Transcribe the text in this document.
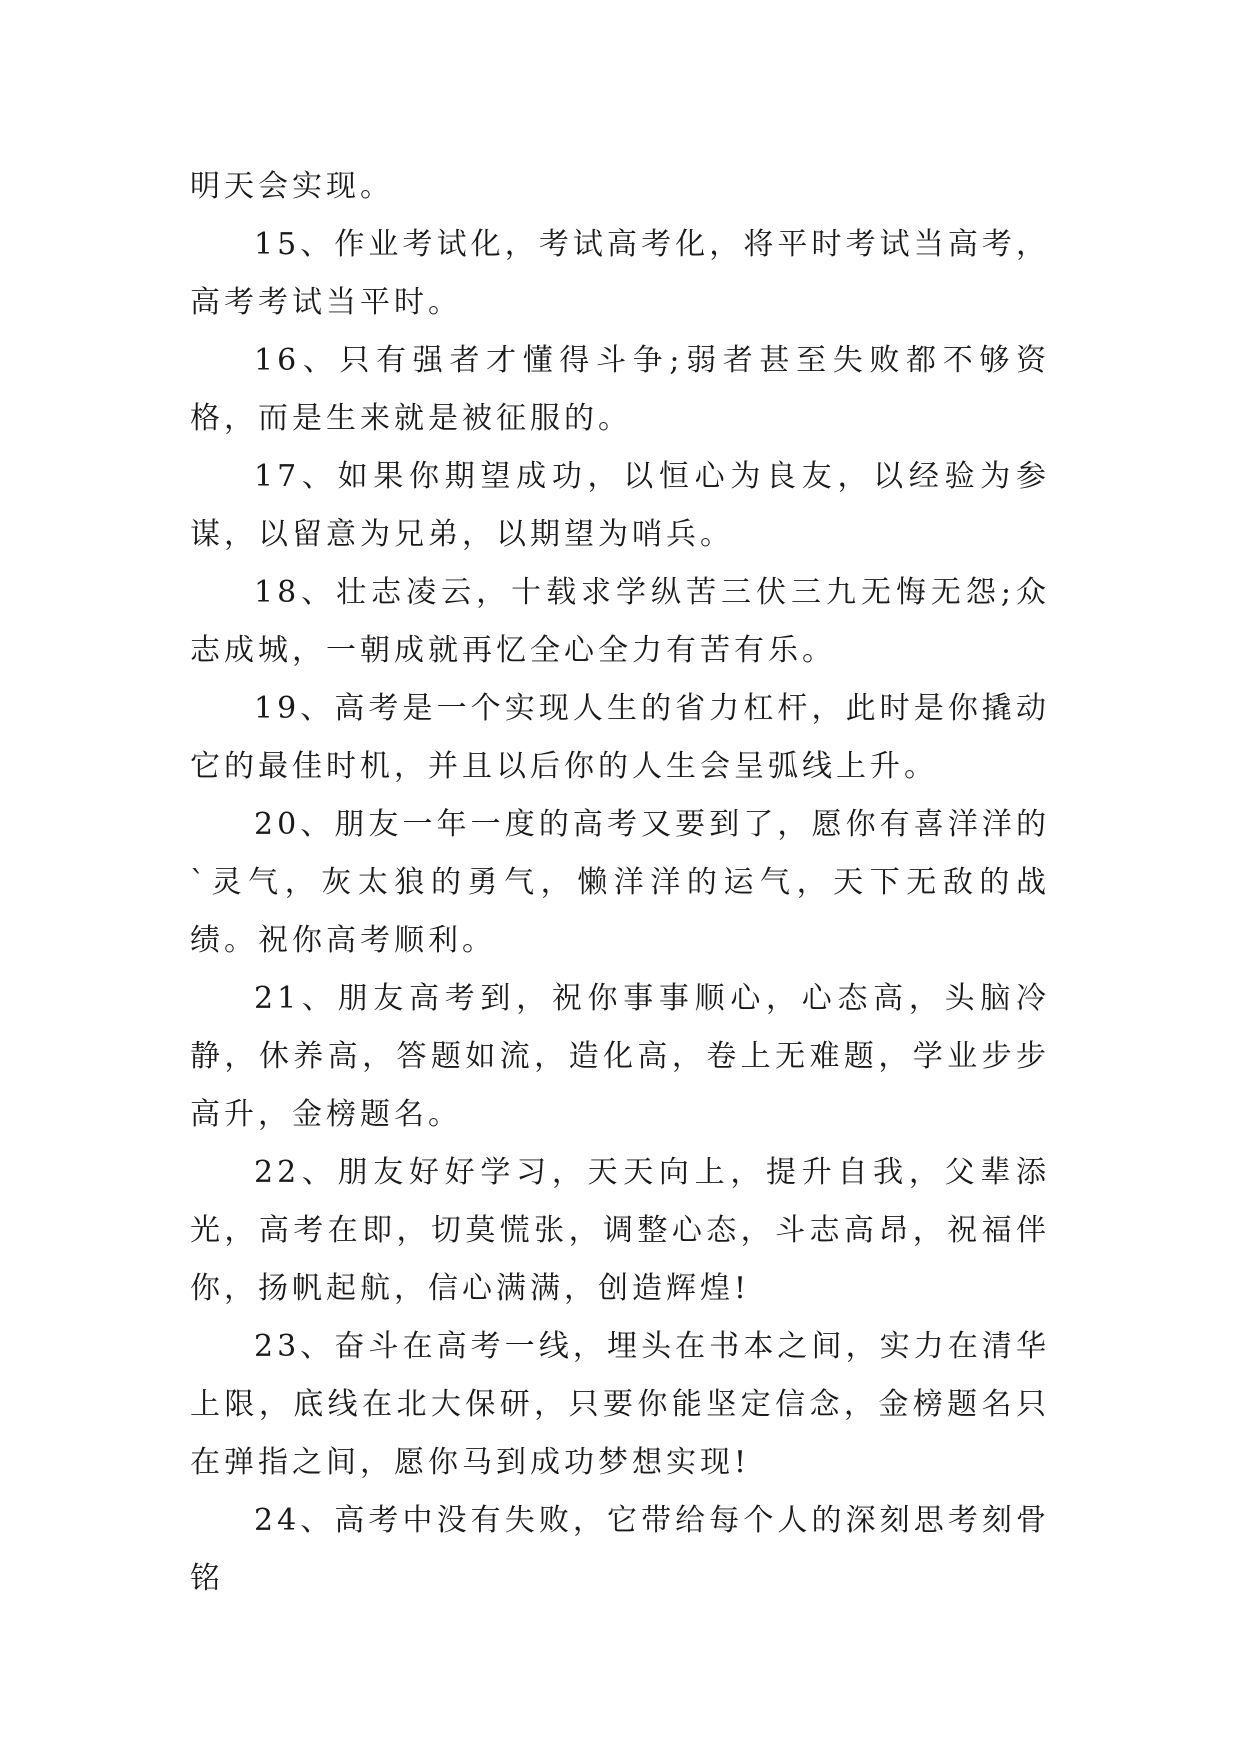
明天会实现。

15、作业考试化，考试高考化，将平时考试当高考，高考考试当平时。

16、只有强者才懂得斗争;弱者甚至失败都不够资格，而是生来就是被征服的。

17、如果你期望成功，以恒心为良友，以经验为参谋，以留意为兄弟，以期望为哨兵。

18、壮志凌云，十载求学纵苦三伏三九无悔无怨;众志成城，一朝成就再忆全心全力有苦有乐。

19、高考是一个实现人生的省力杠杆，此时是你撬动它的最佳时机，并且以后你的人生会呈弧线上升。

20、朋友一年一度的高考又要到了，愿你有喜洋洋的`灵气，灰太狼的勇气，懒洋洋的运气，天下无敌的战绩。祝你高考顺利。

21、朋友高考到，祝你事事顺心，心态高，头脑冷静，休养高，答题如流，造化高，卷上无难题，学业步步高升，金榜题名。

22、朋友好好学习，天天向上，提升自我，父辈添光，高考在即，切莫慌张，调整心态，斗志高昂，祝福伴你，扬帆起航，信心满满，创造辉煌!

23、奋斗在高考一线，埋头在书本之间，实力在清华上限，底线在北大保研，只要你能坚定信念，金榜题名只在弹指之间，愿你马到成功梦想实现!

24、高考中没有失败，它带给每个人的深刻思考刻骨铭
